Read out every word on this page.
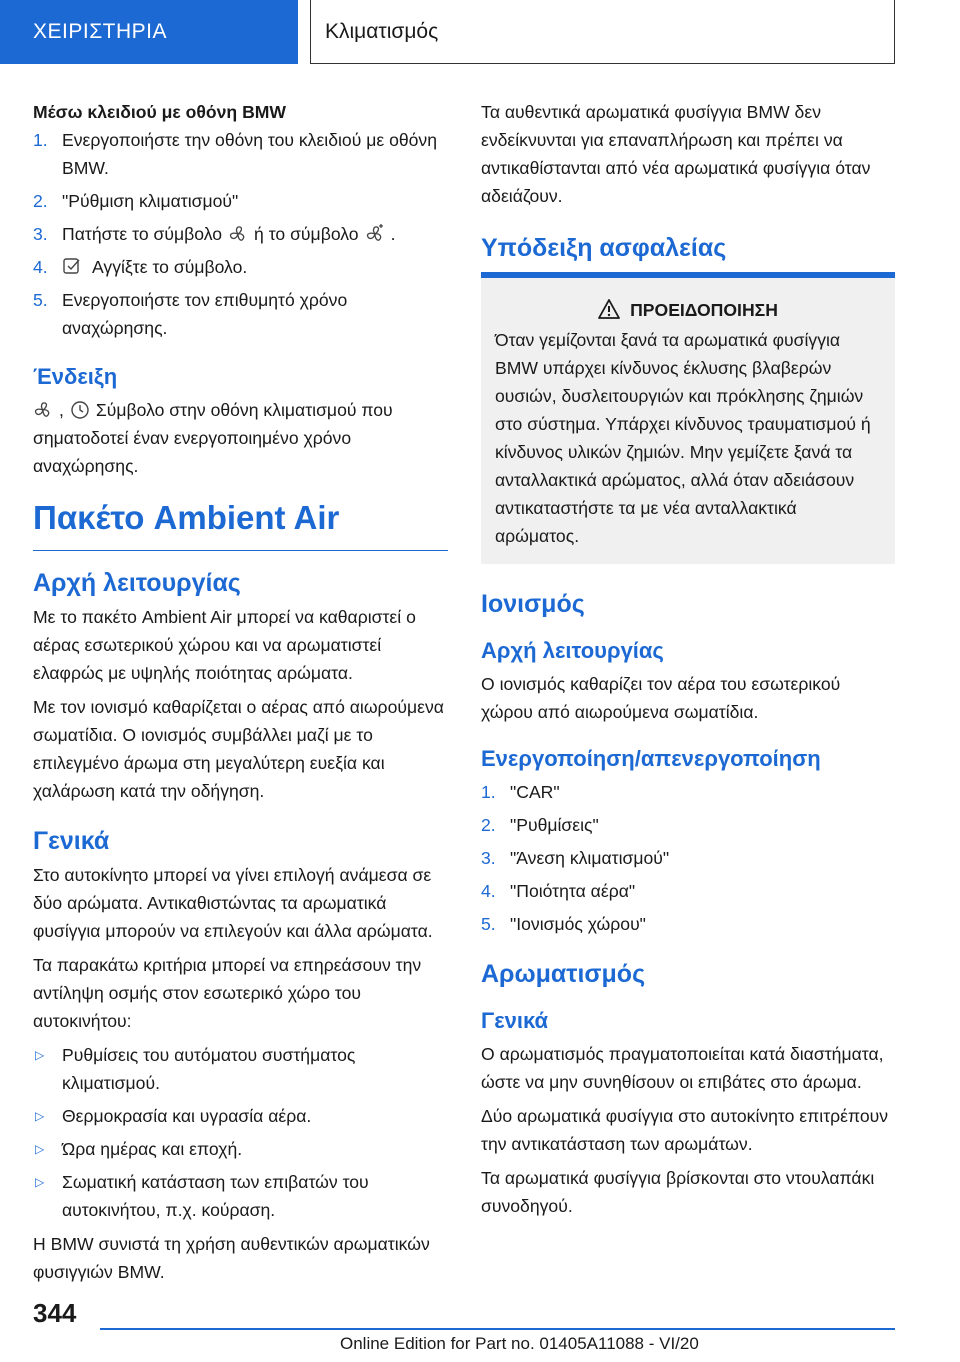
ΧΕΙΡΙΣΤΗΡΙΑ	Κλιματισμός

Μέσω κλειδιού με οθόνη BMW

1. Ενεργοποιήστε την οθόνη του κλειδιού με οθόνη BMW.
2. "Ρύθμιση κλιματισμού"
3. Πατήστε το σύμβολο ή το σύμβολο .
4.	Αγγίξτε το σύμβολο.
5. Ενεργοποιήστε τον επιθυμητό χρόνο αναχώρησης.
Ένδειξη

, Σύμβολο στην οθόνη κλιματισμού που σηματοδοτεί έναν ενεργοποιημένο χρόνο αναχώρησης.

Πακέτο Ambient Air
Αρχή λειτουργίας

Με το πακέτο Ambient Air μπορεί να καθαριστεί ο αέρας εσωτερικού χώρου και να αρωματιστεί ελαφρώς με υψηλής ποιότητας αρώματα.

Με τον ιονισμό καθαρίζεται ο αέρας από αιωρούμενα σωματίδια. Ο ιονισμός συμβάλλει μαζί με το επιλεγμένο άρωμα στη μεγαλύτερη ευεξία και χαλάρωση κατά την οδήγηση.

Γενικά

Στο αυτοκίνητο μπορεί να γίνει επιλογή ανάμεσα σε δύο αρώματα. Αντικαθιστώντας τα αρωματικά φυσίγγια μπορούν να επιλεγούν και άλλα αρώματα.

Τα παρακάτω κριτήρια μπορεί να επηρεάσουν την αντίληψη οσμής στον εσωτερικό χώρο του αυτοκινήτου:

▷ Ρυθμίσεις του αυτόματου συστήματος κλιματισμού.
▷ Θερμοκρασία και υγρασία αέρα.
▷ Ώρα ημέρας και εποχή.
▷ Σωματική κατάσταση των επιβατών του αυτοκινήτου, π.χ. κούραση.

Η BMW συνιστά τη χρήση αυθεντικών αρωματικών φυσιγγιών BMW.

Τα αυθεντικά αρωματικά φυσίγγια BMW δεν ενδείκνυνται για επαναπλήρωση και πρέπει να αντικαθίστανται από νέα αρωματικά φυσίγγια όταν αδειάζουν.

Υπόδειξη ασφαλείας
ΠΡΟΕΙΔΟΠΟΙΗΣΗ
Όταν γεμίζονται ξανά τα αρωματικά φυσίγγια BMW υπάρχει κίνδυνος έκλυσης βλαβερών ουσιών, δυσλειτουργιών και πρόκλησης ζημιών στο σύστημα. Υπάρχει κίνδυνος τραυματισμού ή κίνδυνος υλικών ζημιών. Μην γεμίζετε ξανά τα ανταλλακτικά αρώματος, αλλά όταν αδειάσουν αντικαταστήστε τα με νέα ανταλλακτικά αρώματος.
Ιονισμός
Αρχή λειτουργίας

Ο ιονισμός καθαρίζει τον αέρα του εσωτερικού χώρου από αιωρούμενα σωματίδια.

Ενεργοποίηση/απενεργοποίηση
1. "CAR"
2. "Ρυθμίσεις"
3. "Άνεση κλιματισμού"
4. "Ποιότητα αέρα"
5. "Ιονισμός χώρου"
Αρωματισμός
Γενικά

Ο αρωματισμός πραγματοποιείται κατά διαστήματα, ώστε να μην συνηθίσουν οι επιβάτες στο άρωμα.

Δύο αρωματικά φυσίγγια στο αυτοκίνητο επιτρέπουν την αντικατάσταση των αρωμάτων.

Τα αρωματικά φυσίγγια βρίσκονται στο ντουλαπάκι συνοδηγού.

344
Online Edition for Part no. 01405A11088 - VI/20
